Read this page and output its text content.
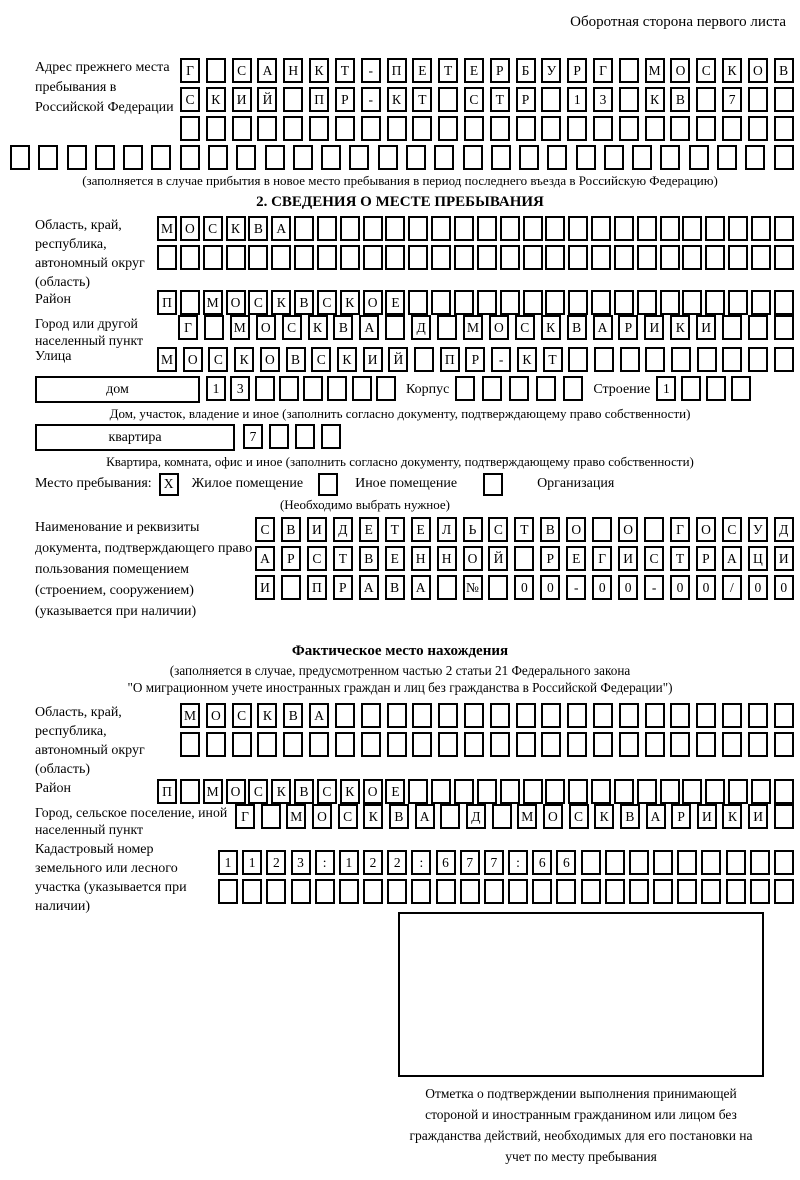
Оборотная сторона первого листа
Адрес прежнего места пребывания в Российской Федерации
Г	С	А	Н	К	Т	-	П	Е	Т	Е	Р	Б	У	Р	Г	М	О	С	К	О	В
С	К	И	Й	П	Р	-	К	Т	С	Т	Р	1	3	К	В	7
(заполняется в случае прибытия в новое место пребывания в период последнего въезда в Российскую Федерацию)
2. СВЕДЕНИЯ О МЕСТЕ ПРЕБЫВАНИЯ
Область, край, республика, автономный округ (область)
М О С	К	В А
Район	П	М О С	К	В	С	К О	Е
Город или другой населенный пункт
Г	М	О	С	К	В	А	Д	М	О	С	К	В	А	Р	И	К	И
Улица	М	О	С	К	О	В	С	К	И	Й	П	Р	-	К	Т
дом	1	3	Корпус	Строение 1
Дом, участок, владение и иное (заполнить согласно документу, подтверждающему право собственности)
квартира	7
Квартира, комната, офис и иное (заполнить согласно документу, подтверждающему право собственности)
Место пребывания: X	Жилое помещение	Иное помещение	Организация
(Необходимо выбрать нужное)
Наименование и реквизиты документа, подтверждающего право пользования помещением (строением, сооружением) (указывается при наличии)
С	В	И	Д	Е	Т	Е	Л	Ь	С	Т	В	О	О	Г	О	С	У	Д
А	Р	С	Т	В	Е	Н	Н	О	Й	Р	Е	Г	И	С	Т	Р	А	Ц	И
И	П	Р	А	В	А	№	0	0	-	0	0	-	0	0	/	0	0
Фактическое место нахождения
(заполняется в случае, предусмотренном частью 2 статьи 21 Федерального закона
"О миграционном учете иностранных граждан и лиц без гражданства в Российской Федерации")
Область, край, республика, автономный округ (область)
М	О	С	К	В	А
Район	П	М О С	К	В	С	К О	Е
Город, сельское поселение, иной населенный пункт
Г	М	О	С	К	В	А	Д	М	О	С	К	В	А	Р	И	К	И
Кадастровый номер земельного или лесного участка (указывается при наличии)
1	1	2	3	:	1	2	2	:	6	7	7	:	6	6
Отметка о подтверждении выполнения принимающей стороной и иностранным гражданином или лицом без гражданства действий, необходимых для его постановки на учет по месту пребывания
